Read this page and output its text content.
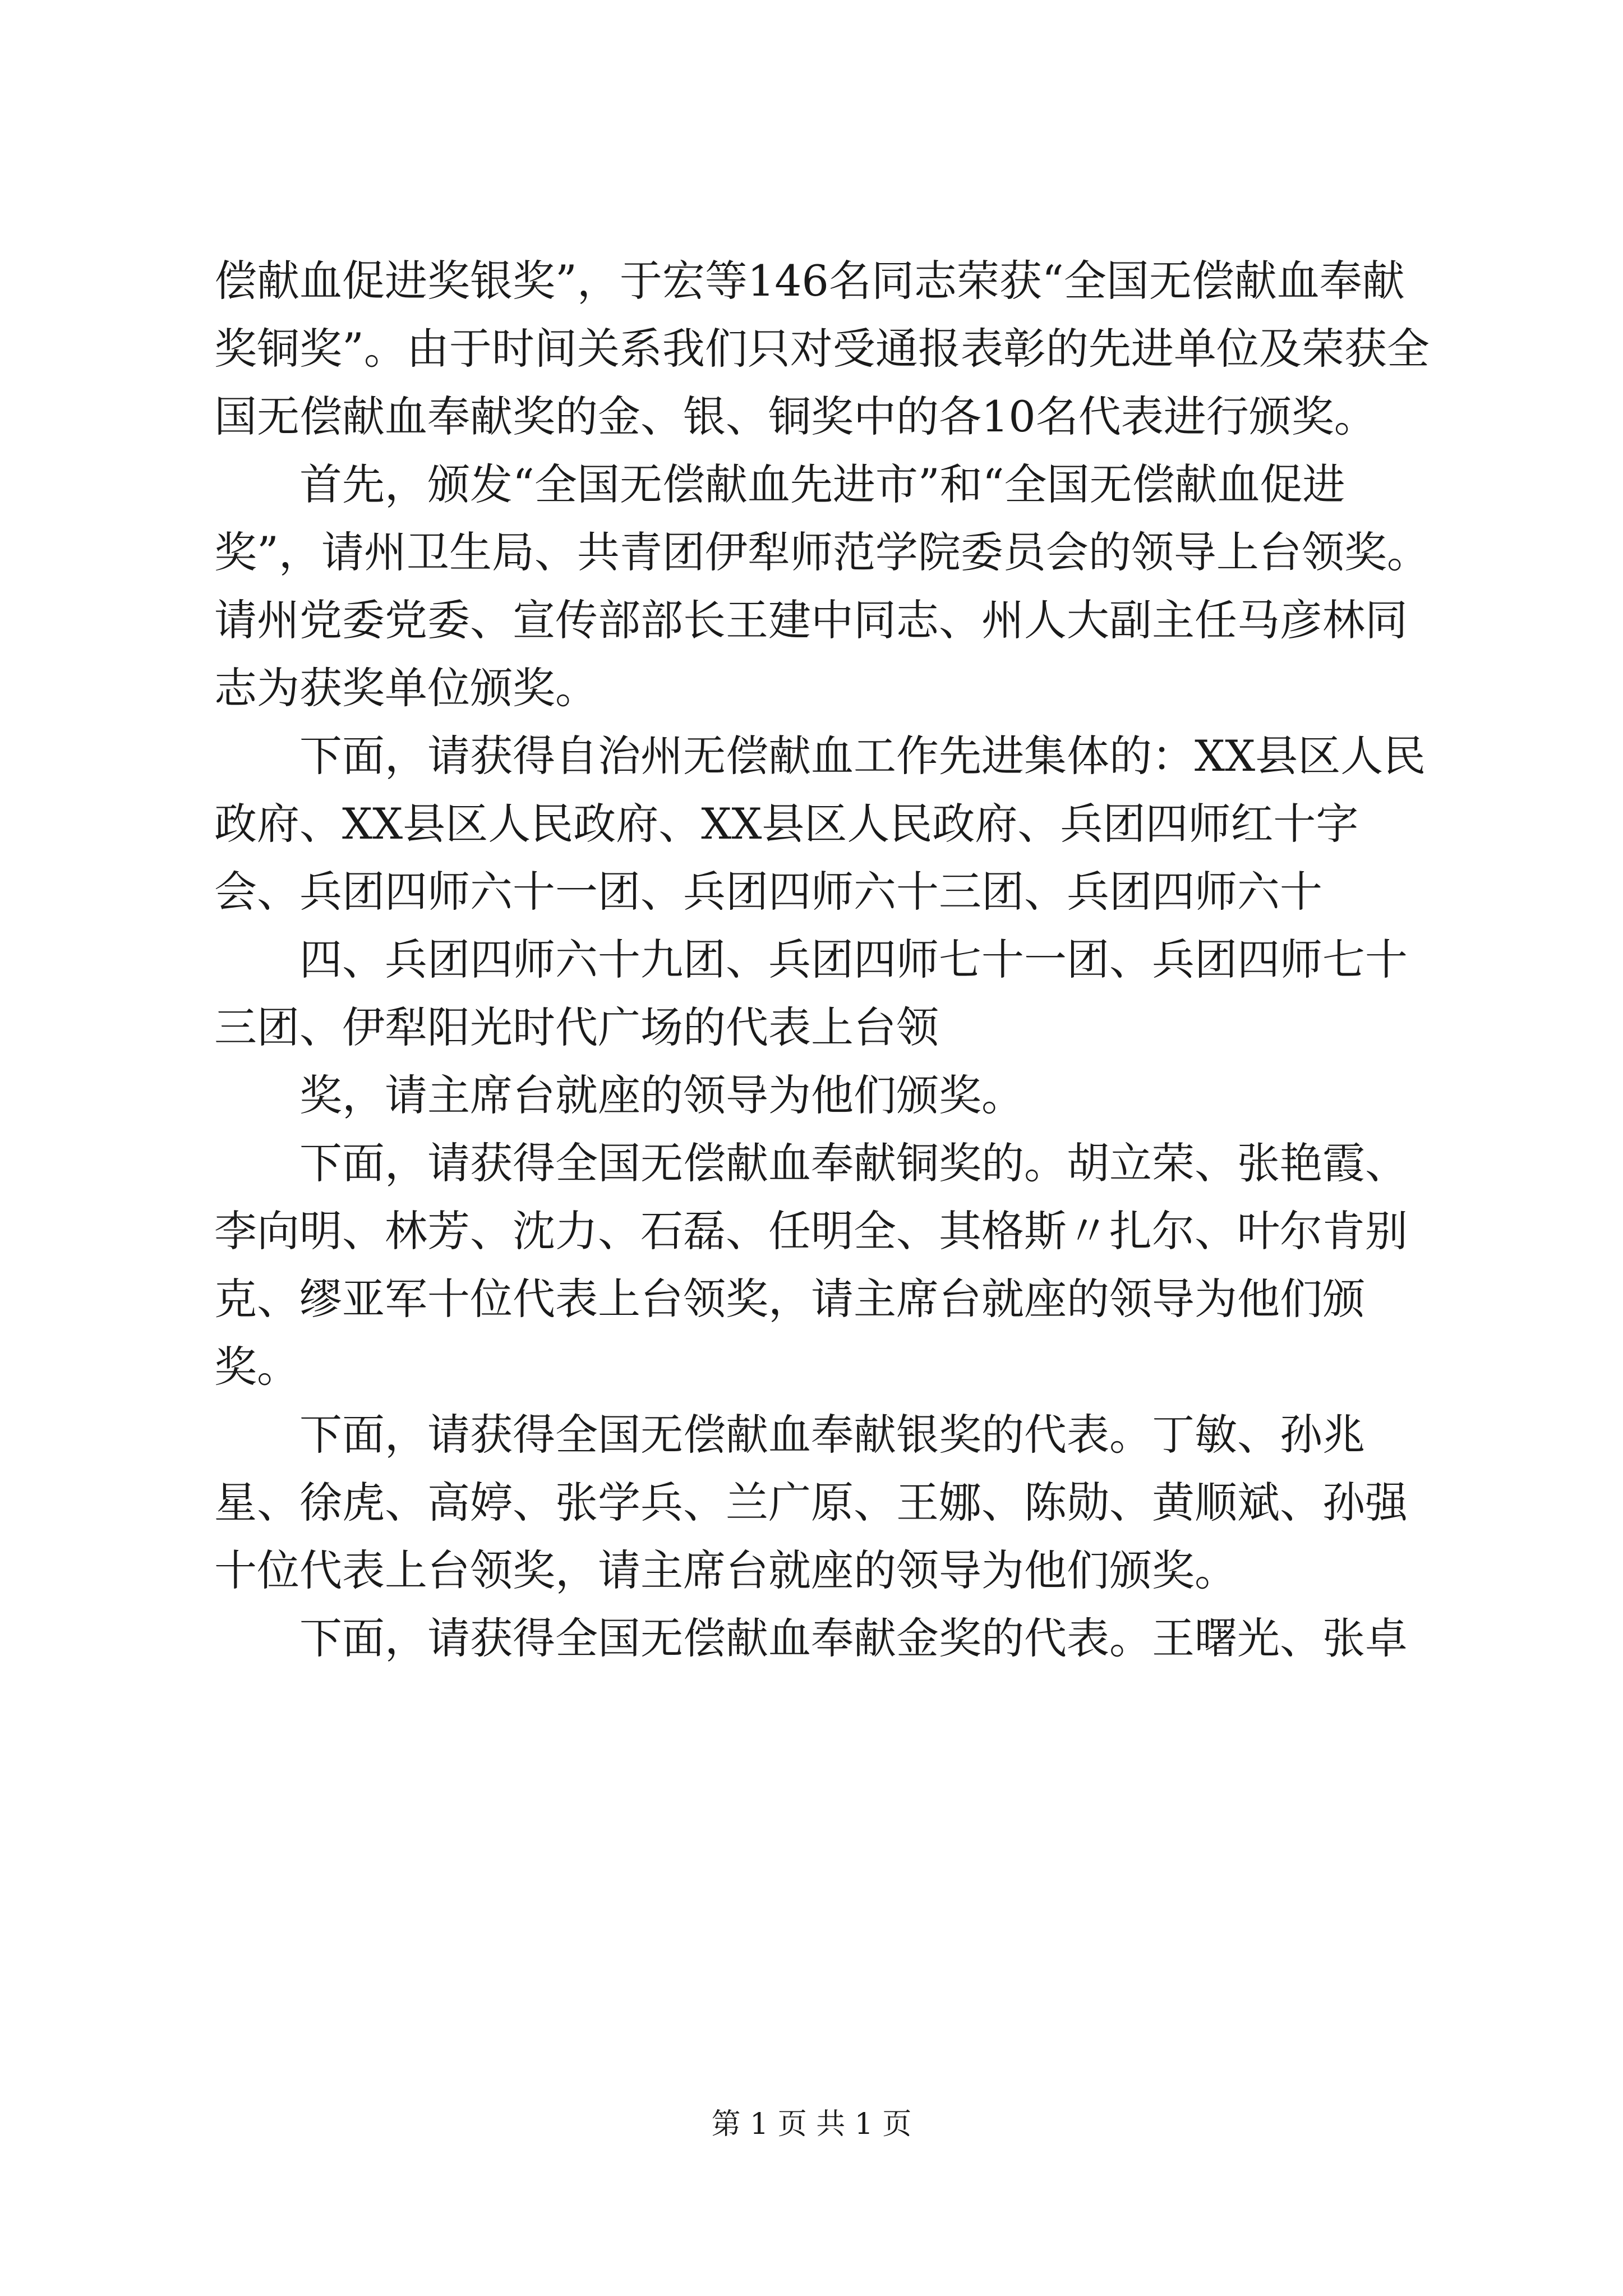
偿献血促进奖银奖”，于宏等146名同志荣获“全国无偿献血奉献奖铜奖”。由于时间关系我们只对受通报表彰的先进单位及荣获全国无偿献血奉献奖的金、银、铜奖中的各10名代表进行颁奖。

首先，颁发“全国无偿献血先进市”和“全国无偿献血促进奖”，请州卫生局、共青团伊犁师范学院委员会的领导上台领奖。请州党委党委、宣传部部长王建中同志、州人大副主任马彦林同志为获奖单位颁奖。

下面，请获得自治州无偿献血工作先进集体的：XX县区人民政府、XX县区人民政府、XX县区人民政府、兵团四师红十字会、兵团四师六十一团、兵团四师六十三团、兵团四师六十

四、兵团四师六十九团、兵团四师七十一团、兵团四师七十三团、伊犁阳光时代广场的代表上台领

奖，请主席台就座的领导为他们颁奖。

下面，请获得全国无偿献血奉献铜奖的。胡立荣、张艳霞、李向明、林芳、沈力、石磊、任明全、其格斯〃扎尔、叶尔肯别克、缪亚军十位代表上台领奖，请主席台就座的领导为他们颁奖。

下面，请获得全国无偿献血奉献银奖的代表。丁敏、孙兆星、徐虎、高婷、张学兵、兰广原、王娜、陈勋、黄顺斌、孙强十位代表上台领奖，请主席台就座的领导为他们颁奖。

下面，请获得全国无偿献血奉献金奖的代表。王曙光、张卓

第 1 页 共 1 页
